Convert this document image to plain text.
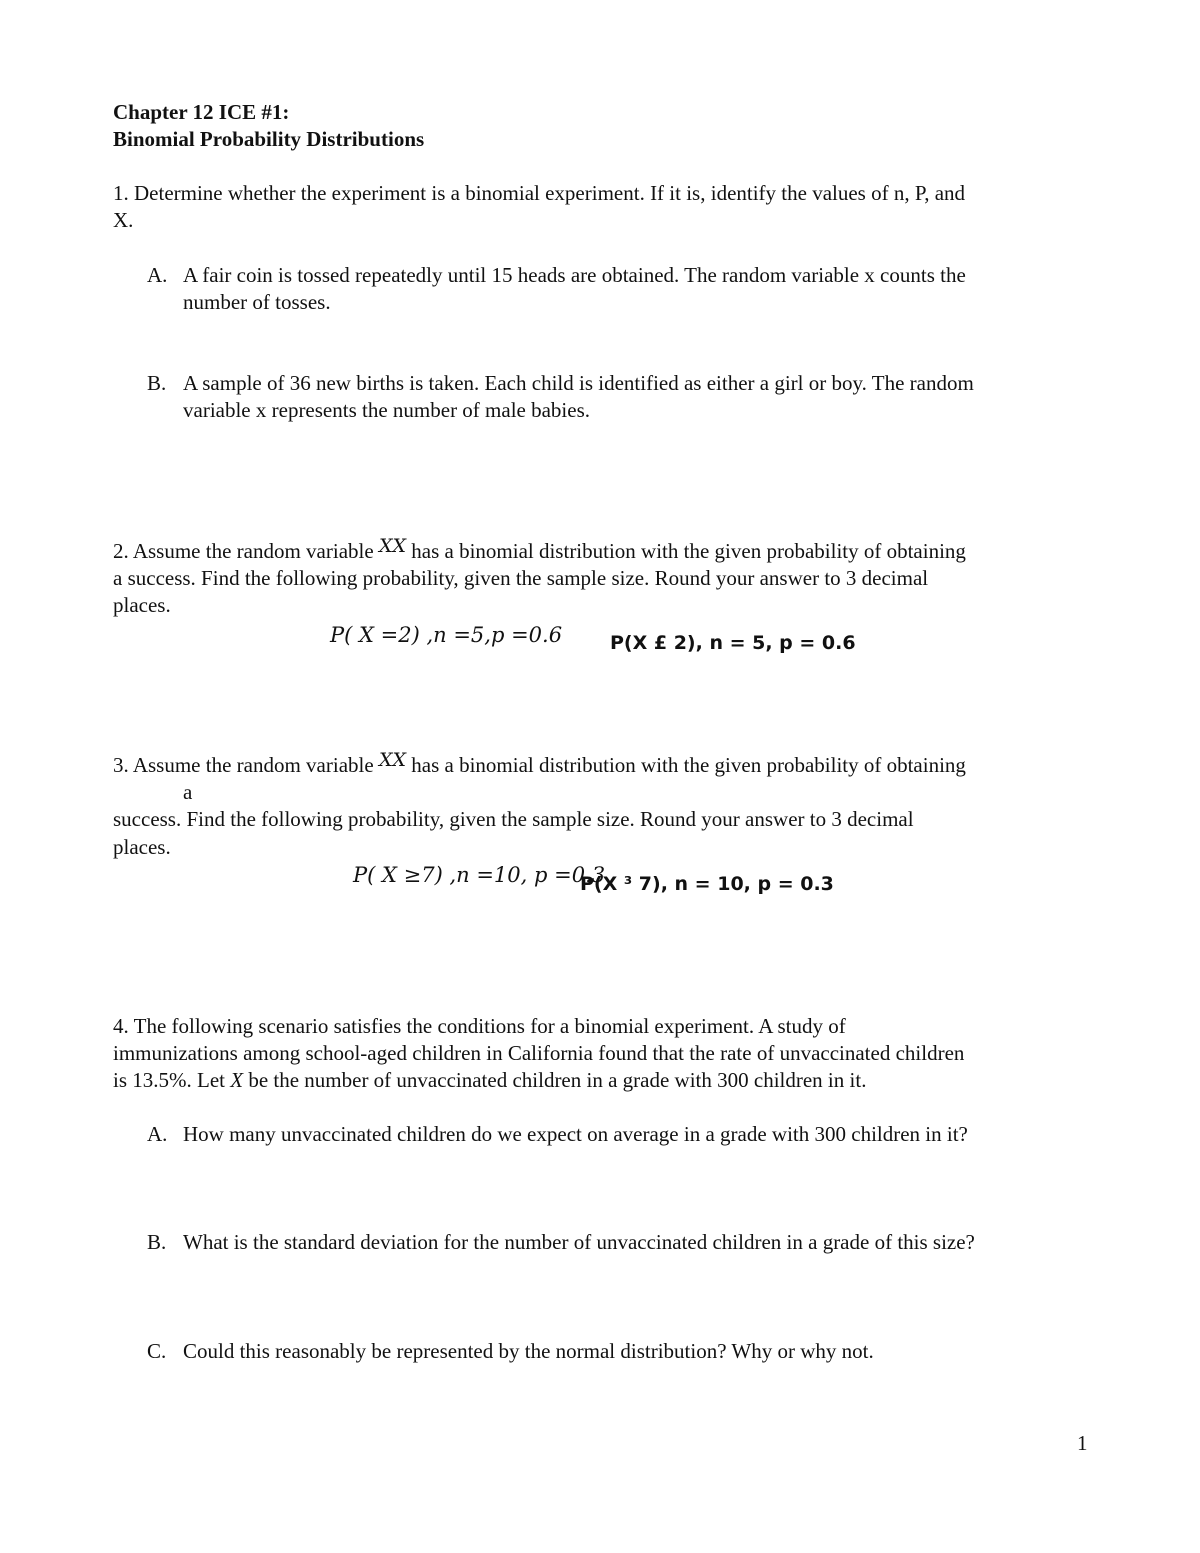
Chapter 12 ICE #1:
Binomial Probability Distributions
1. Determine whether the experiment is a binomial experiment. If it is, identify the values of n, P, and
X.
A. A fair coin is tossed repeatedly until 15 heads are obtained. The random variable x counts the
number of tosses.
B. A sample of 36 new births is taken. Each child is identified as either a girl or boy. The random
variable x represents the number of male babies.
2. Assume the random variable XX has a binomial distribution with the given probability of obtaining
a success. Find the following probability, given the sample size. Round your answer to 3 decimal
places.
P( X =2) ,n =5,p =0.6	P(X £ 2), n = 5, p = 0.6
3. Assume the random variable XX has a binomial distribution with the given probability of obtaining
a
success. Find the following probability, given the sample size. Round your answer to 3 decimal
places.
P( X ≥7) ,n =10, p =0.3
P(X ³ 7), n = 10, p = 0.3
4. The following scenario satisfies the conditions for a binomial experiment. A study of
immunizations among school-aged children in California found that the rate of unvaccinated children
is 13.5%. Let X be the number of unvaccinated children in a grade with 300 children in it.
A. How many unvaccinated children do we expect on average in a grade with 300 children in it?
B. What is the standard deviation for the number of unvaccinated children in a grade of this size?
C. Could this reasonably be represented by the normal distribution? Why or why not.
1
